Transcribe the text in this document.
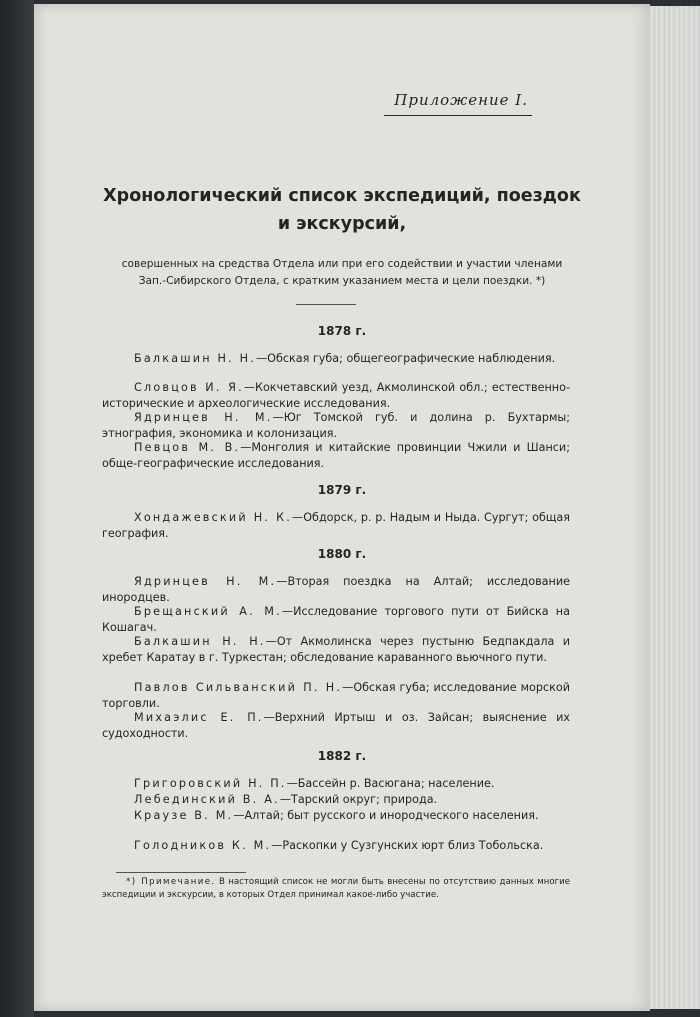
Приложение I.
Хронологический список экспедиций, поездок
и экскурсий,
совершенных на средства Отдела или при его содействии и участии членами
Зап.-Сибирского Отдела, с кратким указанием места и цели поездки. *)
1878 г.
Балкашин Н. Н.—Обская губа; общегеографические наблюдения.
Словцов И. Я.—Кокчетавский уезд, Акмолинской обл.; естественно-исторические и археологические исследования.
Ядринцев Н. М.—Юг Томской губ. и долина р. Бухтармы; этнография, экономика и колонизация.
Певцов М. В.—Монголия и китайские провинции Чжили и Шанси; обще-географические исследования.
1879 г.
Хондажевский Н. К.—Обдорск, р. р. Надым и Ныда. Сургут; общая география.
1880 г.
Ядринцев Н. М.—Вторая поездка на Алтай; исследование инородцев.
Брещанский А. М.—Исследование торгового пути от Бийска на Кошагач.
Балкашин Н. Н.—От Акмолинска через пустыню Бедпакдала и хребет Каратау в г. Туркестан; обследование караванного вьючного пути.
Павлов Сильванский П. Н.—Обская губа; исследование морской торговли.
Михаэлис Е. П.—Верхний Иртыш и оз. Зайсан; выяснение их судоходности.
1882 г.
Григоровский Н. П.—Бассейн р. Васюгана; население.
Лебединский В. А.—Тарский округ; природа.
Краузе В. М.—Алтай; быт русского и инородческого населения.
Голодников К. М.—Раскопки у Сузгунских юрт близ Тобольска.
*) Примечание. В настоящий список не могли быть внесены по отсутствию данных многие экспедиции и экскурсии, в которых Отдел принимал какое-либо участие.
